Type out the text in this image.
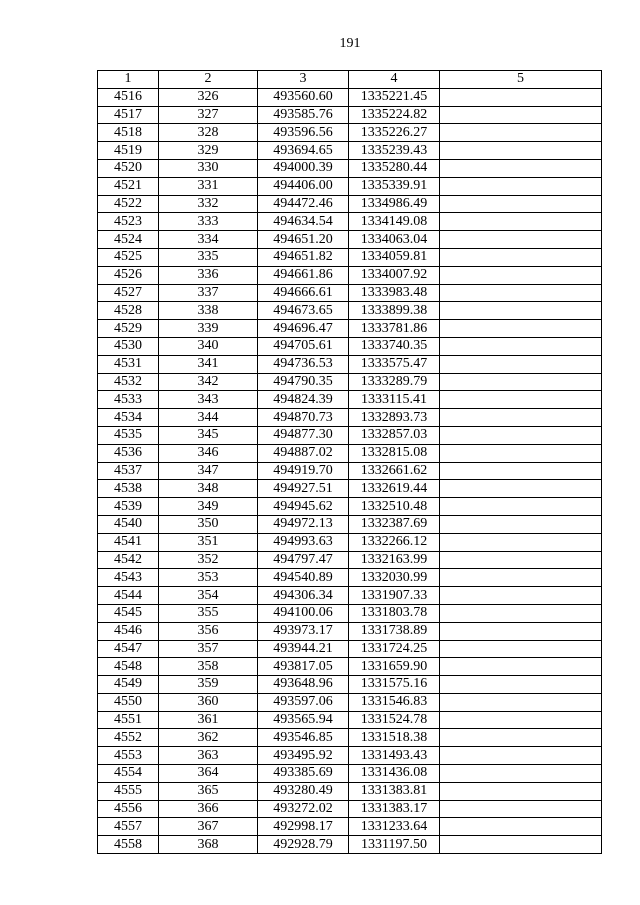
191
1	2	3	4	5
4516	326	493560.60	1335221.45	
4517	327	493585.76	1335224.82	
4518	328	493596.56	1335226.27	
4519	329	493694.65	1335239.43	
4520	330	494000.39	1335280.44	
4521	331	494406.00	1335339.91	
4522	332	494472.46	1334986.49	
4523	333	494634.54	1334149.08	
4524	334	494651.20	1334063.04	
4525	335	494651.82	1334059.81	
4526	336	494661.86	1334007.92	
4527	337	494666.61	1333983.48	
4528	338	494673.65	1333899.38	
4529	339	494696.47	1333781.86	
4530	340	494705.61	1333740.35	
4531	341	494736.53	1333575.47	
4532	342	494790.35	1333289.79	
4533	343	494824.39	1333115.41	
4534	344	494870.73	1332893.73	
4535	345	494877.30	1332857.03	
4536	346	494887.02	1332815.08	
4537	347	494919.70	1332661.62	
4538	348	494927.51	1332619.44	
4539	349	494945.62	1332510.48	
4540	350	494972.13	1332387.69	
4541	351	494993.63	1332266.12	
4542	352	494797.47	1332163.99	
4543	353	494540.89	1332030.99	
4544	354	494306.34	1331907.33	
4545	355	494100.06	1331803.78	
4546	356	493973.17	1331738.89	
4547	357	493944.21	1331724.25	
4548	358	493817.05	1331659.90	
4549	359	493648.96	1331575.16	
4550	360	493597.06	1331546.83	
4551	361	493565.94	1331524.78	
4552	362	493546.85	1331518.38	
4553	363	493495.92	1331493.43	
4554	364	493385.69	1331436.08	
4555	365	493280.49	1331383.81	
4556	366	493272.02	1331383.17	
4557	367	492998.17	1331233.64	
4558	368	492928.79	1331197.50	
